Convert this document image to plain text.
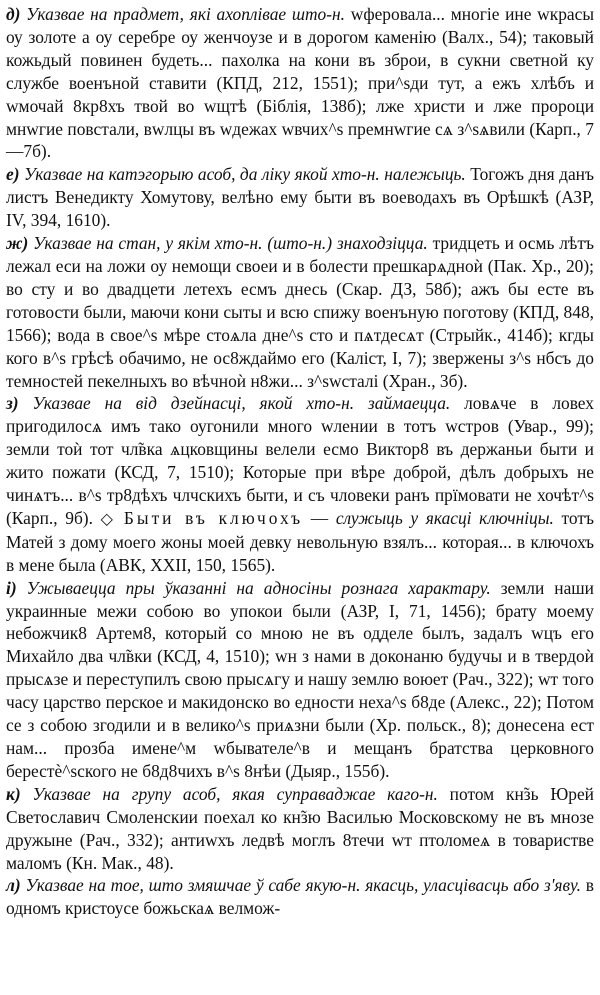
д) Указвае на прадмет, які ахоплівае што-н. wферовала... многіе ине wкрасы оу золоте а оу серебре оу женчоузе и в дорогом каменію (Валх., 54); таковый кожьдый повинен будеть... пахолка на кони въ зброи, в сукни светной ку службе военъной ставити (КПД, 212, 1551); при^sди тут, а ежъ хлѣбъ и wмочай 8кр8хъ твой во wщтѣ (Біблія, 138б); лже христи и лже пророци мнwгие повстали, вwлцы въ wдежах wвчих^s премнwгие сѧ з^sѧвили (Карп., 7—7б).

е) Указвае на катэгорыю асоб, да ліку якой хто-н. належыць. Тогожъ дня данъ листъ Венедикту Хомутову, велѣно ему быти въ воеводахъ въ Орѣшкѣ (АЗР, IV, 394, 1610).

ж) Указвае на стан, у якім хто-н. (што-н.) знаходзіцца. тридцеть и осмь лѣтъ лежал еси на ложи оу немощи своеи и в болести прешкарѧдноѝ (Пак. Хр., 20); во сту и во двадцети летехъ есмъ днесь (Скар. ДЗ, 58б); ажъ бы есте въ готовости были, маючи кони сыты и всю спижу военъную поготову (КПД, 848, 1566); вода в свое^s мѣре стоѧла дне^s сто и пѧтдесѧт (Стрыйк., 414б); кгды кого в^s грѣсѣ обачимо, не ос8ждаймо его (Каліст, I, 7); звержены з^s нбсъ до темностей пекелныхъ во вѣчноѝ н8жи... з^swсталі (Хран., 3б).

з) Указвае на від дзейнасці, якой хто-н. займаецца. ловѧче в ловех пригодилосѧ имъ тако оугонили много wлении в тотъ wстров (Увар., 99); земли тоѝ тот чл̃вка ѧцковщины велели есмо Виктор8 въ держаньи быти и жито пожати (КСД, 7, 1510); Которые при вѣре доброй, дѣлъ добрыхъ не чинѧтъ... в^s тр8дѣхъ члчскихъ быти, и съ чловеки ранъ прїмовати не хочѣт^s (Карп., 9б). ◇ Быти въ ключохъ — служыць у якасці ключніцы. тотъ Матей з дому моего жоны моей девку невольную взялъ... которая... в ключохъ в мене была (АВК, XXII, 150, 1565).

і) Ужываецца пры ўказанні на адносіны рознага характару. земли наши украинные межи собою во упокои были (АЗР, I, 71, 1456); брату моему небожчик8 Артем8, который со мною не въ одделе былъ, задалъ wцъ его Михайло два чл̃вки (КСД, 4, 1510); wн з нами в доконаню будучы и в твердоѝ прысѧзе и переступилъ свою прысѧгу и нашу землю воюет (Рач., 322); wт того часу царство перское и макидонско во едности неха^s б8де (Алекс., 22); Потом се з собою згодили и в велико^s приѧзни были (Хр. польск., 8); донесена ест нам... прозба имене^м wбывателе^в и мещанъ братства церковного берестѐ^sского не б8д8чихъ в^s 8нѣи (Дыяр., 155б).

к) Указвае на групу асоб, якая суправаджае каго-н. потом кн̃зь Юрей Светославич Смоленскии поехал ко кн̃зю Василью Московскому не въ мнозе дружыне (Рач., 332); антиwхъ ледвѣ моглъ 8течи wт птоломеѧ в товаристве маломъ (Кн. Мак., 48).

л) Указвае на тое, што змяшчае ў сабе якую-н. якасць, уласцівасць або з'яву. в одномъ кристоусе божьскаѧ велмож-
